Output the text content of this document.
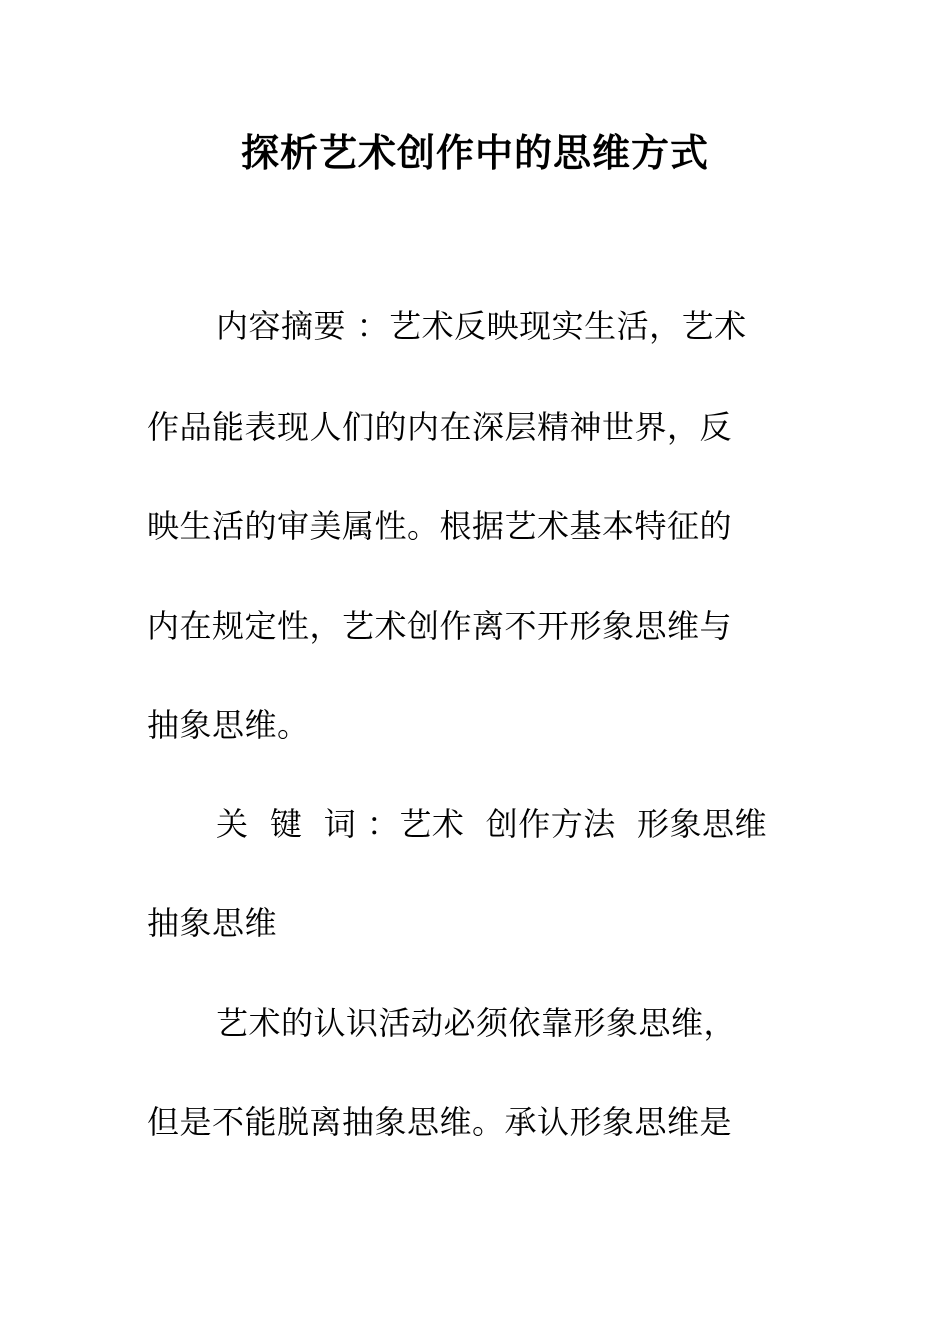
探析艺术创作中的思维方式
内容摘要 ：艺术反映现实生活，艺术
作品能表现人们的内在深层精神世界，反
映生活的审美属性。根据艺术基本特征的
内在规定性，艺术创作离不开形象思维与
抽象思维。
关  键  词 ：艺术  创作方法  形象思维
抽象思维
艺术的认识活动必须依靠形象思维，
但是不能脱离抽象思维。承认形象思维是
